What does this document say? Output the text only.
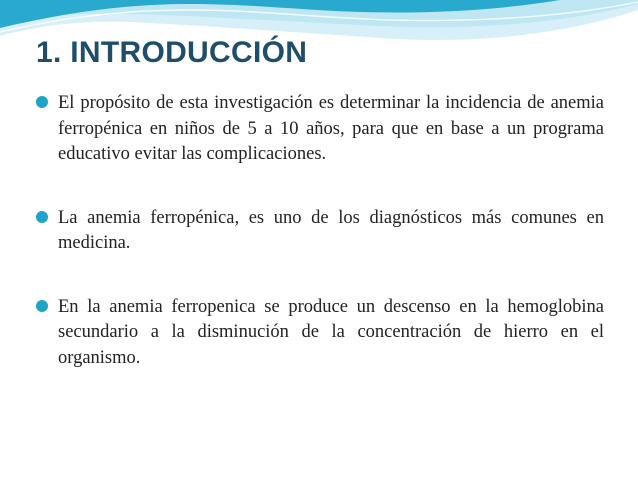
1. INTRODUCCIÓN
El propósito de esta investigación es determinar la incidencia de anemia ferropénica en niños de 5 a 10 años, para que en base a un programa educativo evitar las complicaciones.
La anemia ferropénica, es uno de los diagnósticos más comunes en medicina.
En la anemia ferropenica se produce un descenso en la hemoglobina secundario a la disminución de la concentración de hierro en el organismo.
